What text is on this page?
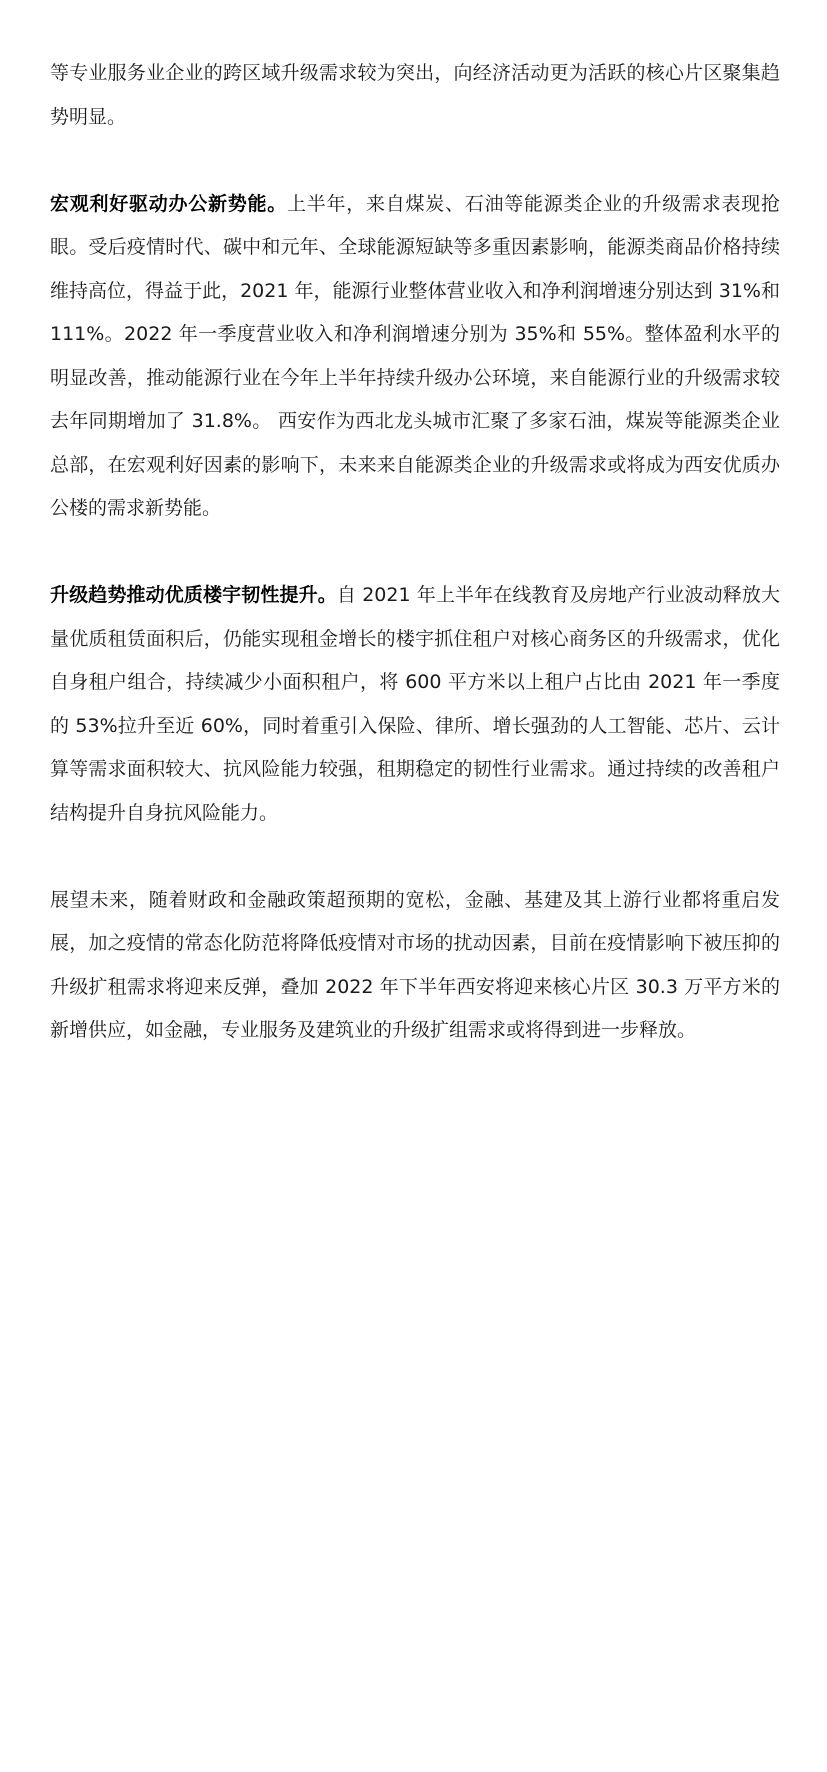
等专业服务业企业的跨区域升级需求较为突出，向经济活动更为活跃的核心片区聚集趋势明显。

宏观利好驱动办公新势能。上半年，来自煤炭、石油等能源类企业的升级需求表现抢眼。受后疫情时代、碳中和元年、全球能源短缺等多重因素影响，能源类商品价格持续维持高位，得益于此，2021 年，能源行业整体营业收入和净利润增速分别达到 31%和 111%。2022 年一季度营业收入和净利润增速分别为 35%和 55%。整体盈利水平的明显改善，推动能源行业在今年上半年持续升级办公环境，来自能源行业的升级需求较去年同期增加了 31.8%。 西安作为西北龙头城市汇聚了多家石油，煤炭等能源类企业总部，在宏观利好因素的影响下，未来来自能源类企业的升级需求或将成为西安优质办公楼的需求新势能。

升级趋势推动优质楼宇韧性提升。自 2021 年上半年在线教育及房地产行业波动释放大量优质租赁面积后，仍能实现租金增长的楼宇抓住租户对核心商务区的升级需求，优化自身租户组合，持续减少小面积租户，将 600 平方米以上租户占比由 2021 年一季度的 53%拉升至近 60%，同时着重引入保险、律所、增长强劲的人工智能、芯片、云计算等需求面积较大、抗风险能力较强，租期稳定的韧性行业需求。通过持续的改善租户结构提升自身抗风险能力。

展望未来，随着财政和金融政策超预期的宽松，金融、基建及其上游行业都将重启发展，加之疫情的常态化防范将降低疫情对市场的扰动因素，目前在疫情影响下被压抑的升级扩租需求将迎来反弹，叠加 2022 年下半年西安将迎来核心片区 30.3 万平方米的新增供应，如金融，专业服务及建筑业的升级扩组需求或将得到进一步释放。
